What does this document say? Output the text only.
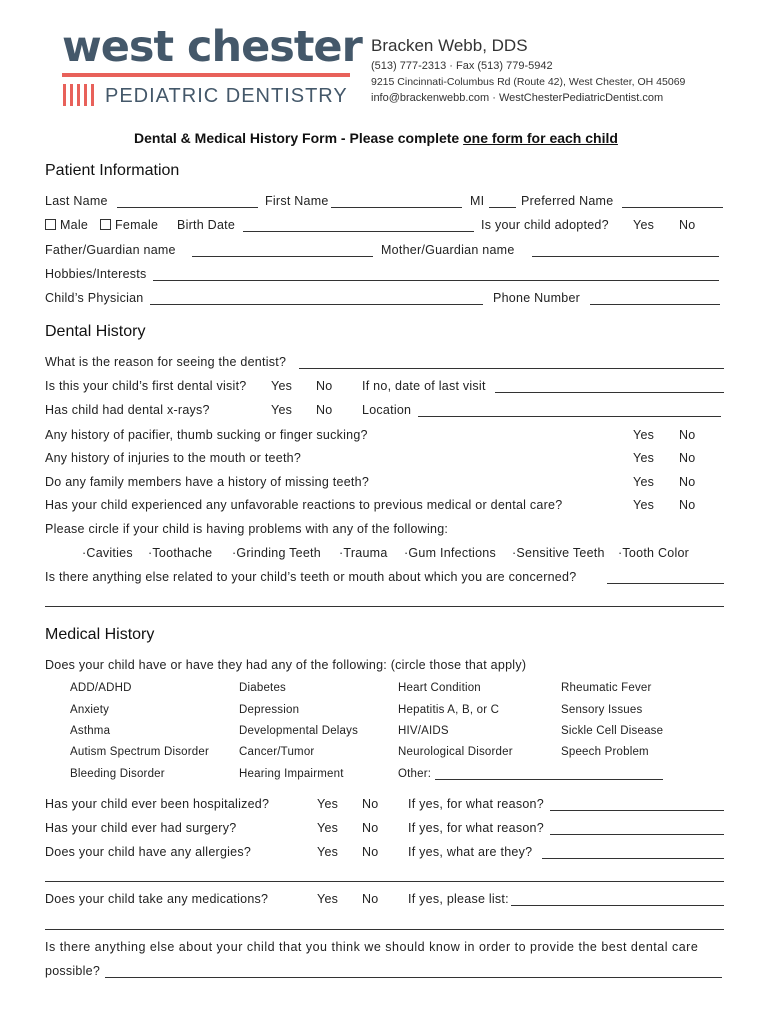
west chester
PEDIATRIC DENTISTRY
Bracken Webb, DDS
(513) 777-2313 · Fax (513) 779-5942
9215 Cincinnati-Columbus Rd (Route 42), West Chester, OH 45069
info@brackenwebb.com · WestChesterPediatricDentist.com
Dental & Medical History Form - Please complete one form for each child
Patient Information
Last Name	First Name	MI	Preferred Name
Male	Female Birth Date	Is your child adopted? Yes No
Father/Guardian name	Mother/Guardian name
Hobbies/Interests
Child’s Physician	Phone Number
Dental History
What is the reason for seeing the dentist?
Is this your child’s first dental visit? Yes No If no, date of last visit
Has child had dental x-rays?	Yes No Location
Any history of pacifier, thumb sucking or finger sucking?	Yes No
Any history of injuries to the mouth or teeth?	Yes No
Do any family members have a history of missing teeth?	Yes No
Has your child experienced any unfavorable reactions to previous medical or dental care?	Yes No
Please circle if your child is having problems with any of the following:
·Cavities ·Toothache ·Grinding Teeth ·Trauma ·Gum Infections ·Sensitive Teeth ·Tooth Color
Is there anything else related to your child’s teeth or mouth about which you are concerned?
Medical History
Does your child have or have they had any of the following: (circle those that apply)
ADD/ADHD	Diabetes	Heart Condition	Rheumatic Fever
Anxiety	Depression	Hepatitis A, B, or C	Sensory Issues
Asthma	Developmental Delays	HIV/AIDS	Sickle Cell Disease
Autism Spectrum Disorder	Cancer/Tumor	Neurological Disorder	Speech Problem
Bleeding Disorder	Hearing Impairment	Other:
Has your child ever been hospitalized?	Yes No If yes, for what reason?
Has your child ever had surgery?	Yes No If yes, for what reason?
Does your child have any allergies?	Yes No If yes, what are they?
Does your child take any medications?	Yes No If yes, please list:
Is there anything else about your child that you think we should know in order to provide the best dental care
possible?
